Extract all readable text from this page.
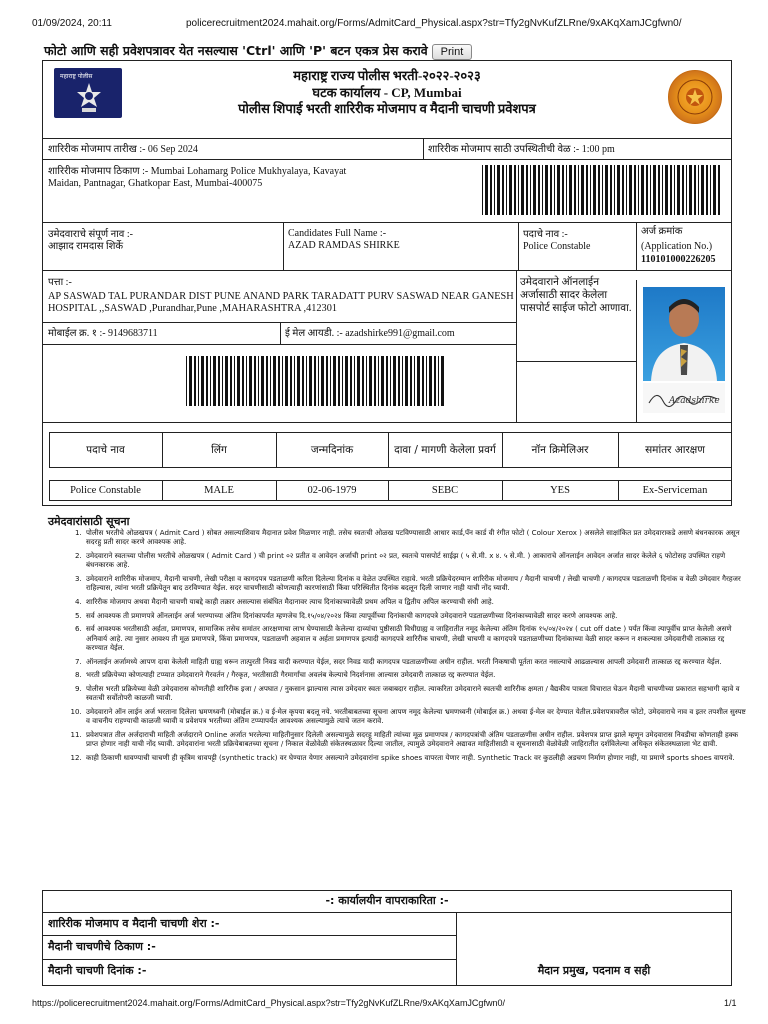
01/09/2024, 20:11	policerecruitment2024.mahait.org/Forms/AdmitCard_Physical.aspx?str=Tfy2gNvKufZLRne/9xAKqXamJCgfwn0/
फोटो आणि सही प्रवेशपत्रावर येत नसल्यास 'Ctrl' आणि 'P' बटन एकत्र प्रेस करावे Print
महाराष्ट्र पोलीस	महाराष्ट्र राज्य पोलीस भरती-२०२२-२०२३
घटक कार्यालय - CP, Mumbai
पोलीस शिपाई भरती शारिरीक मोजमाप व मैदानी चाचणी प्रवेशपत्र
शारिरीक मोजमाप तारीख :- 06 Sep 2024	शारिरीक मोजमाप साठी उपस्थितीची वेळ :- 1:00 pm
शारिरीक मोजमाप ठिकाण :- Mumbai Lohamarg Police Mukhyalaya, Kavayat Maidan, Pantnagar, Ghatkopar East, Mumbai-400075
उमेदवाराचे संपूर्ण नाव :-
आझाद रामदास शिर्के
Candidates Full Name :-
AZAD RAMDAS SHIRKE
पदाचे नाव :-
Police Constable
अर्ज क्रमांक
(Application No.)
110101000226205
पत्ता :-
AP SASWAD TAL PURANDAR DIST PUNE ANAND PARK TARADATT PURV SASWAD NEAR GANESH HOSPITAL ,,SASWAD ,Purandhar,Pune ,MAHARASHTRA ,412301
मोबाईल क्र. १ :- 9149683711	ई मेल आयडी. :- azadshirke991@gmail.com
उमेदवाराने ऑनलाईन अर्जासाठी सादर केलेला पासपोर्ट साईज फोटो आणावा.
Azadshirke
पदाचे नाव	लिंग	जन्मदिनांक	दावा / मागणी केलेला प्रवर्ग	नॉन क्रिमेलिअर	समांतर आरक्षण
Police Constable	MALE	02-06-1979	SEBC	YES	Ex-Serviceman
उमेदवारांसाठी सूचना
1. पोलीस भरतीचे ओळखपत्र ( Admit Card ) सोबत असल्याशिवाय मैदानात प्रवेश मिळणार नाही. तसेच स्वतःची ओळख पटविण्यासाठी आधार कार्ड,पॅन कार्ड वी रंगीत फोटो ( Colour Xerox ) असलेले साक्षांकित प्रत उमेदवाराकडे असणे बंधनकारक असून सदरहु प्रती सादर करणे आवश्यक आहे.
2. उमेदवाराने स्वतःच्या पोलीस भरतीचे ओळखपत्र ( Admit Card ) ची print ०२ प्रतीत व आवेदन अर्जाची print ०२ प्रत, स्वतःचे पासपोर्ट साईझ ( ५ से.मी. x ४. ५ से.मी. ) आकाराचे ऑनलाईन आवेदन अर्जात सादर केलेले ६ फोटोसह उपस्थित राहणे बंधनकारक आहे.
3. उमेदवाराने शारिरीक मोजमाप, मैदानी चाचणी, लेखी परीक्षा व कागदपत्र पडताळणी करिता दिलेल्या दिनांक व वेळेत उपस्थित राहावे. भरती प्रक्रियेदरम्यान शारिरीक मोजमाप / मैदानी चाचणी / लेखी चाचणी / कागदपत्र पडताळणी दिनांक व वेळी उमेदवार गैरहजर राहिल्यास, त्यांना भरती प्रक्रियेतून बाद ठरविण्यात येईल. सदर चाचणीसाठी कोणत्याही कारणांसाठी किंवा परिस्थितीत दिनांक बदलून दिली जाणार नाही याची नोंद घ्यावी.
4. शारिरीक मोजमाप अथवा मैदानी चाचणी याबद्दे काही तक्रार असल्यास संबंधित मैदानावर त्याच दिनांकाच्यावेळी प्रथम अपिल व द्वितीय अपिल करण्याची संधी आहे.
5. सर्व आवश्यक ती प्रमाणपत्रे ऑनलाईन अर्ज भरण्याच्या अंतिम दिनांकापर्यंत म्हणजेच दि.१५/०४/२०२४ किंवा त्यापूर्वीच्या दिनांकाची कागदपत्रे उमेदवाराने पडताळणीच्या दिनांकाच्यावेळी सादर करणे आवश्यक आहे.
6. सर्व आवश्यक भरतीसाठी अर्हता, प्रमाणपत्र, सामाजिक तसेच समांतर आरक्षणाचा लाभ घेण्यासाठी केलेल्या दाव्यांचा पुष्ठीसाठी विधीग्राह्य व जाहिरातीत नमूद केलेल्या अंतिम दिनांक १५/०४/२०२४ ( cut off date ) पर्यंत किंवा त्यापूर्वीच प्राप्त केलेली असणे अनिवार्य आहे. त्या नुसार आवश्य ती मूळ प्रमाणपत्रे, किंवा प्रमाणपत्र, पडताळणी अहवाल व अर्हता प्रमाणपत्र इत्यादी कागदपत्रे शारिरीक चाचणी, लेखी चाचणी व कागदपत्रे पडताळणीच्या दिनांकाच्या वेळी सादर करून न शकल्यास उमेदवारीची तात्काळ रद्द करण्यात येईल.
7. ऑनलाईन अर्जामध्ये आपण दावा केलेली माहिती ग्राह्य धरून तात्पुरती निवड यादी करण्यात येईल, सदर निवड यादी कागदपत्र पडताळणीच्या अधीन राहील. भरती निकषाची पूर्तता करत नसल्याचे आढळल्यास आपली उमेदवारी तात्काळ रद्द करण्यात येईल.
8. भरती प्रक्रियेच्या कोणत्याही टप्प्यात उमेदवाराने गैरवर्तन / गैरकृत, भरतीसाठी गैरमार्गांचा अवलंब केल्याचे निदर्शनास आल्यास उमेदवारी तात्काळ रद्द करण्यात येईल.
9. पोलीस भरती प्रक्रियेच्या वेळी उमेदवारास कोणतीही शारिरीक इजा / अपघात / नुकसान झाल्यास त्यास उमेदवार स्वतः जबाबदार राहील. त्याकरिता उमेदवाराने स्वतःची शारिरीक क्षमता / वैद्यकीय पात्रता विचारात घेऊन मैदानी चाचणीच्या प्रकारात सहभागी व्हावे व स्वतःची सर्वोतोपरी काळजी घ्यावी.
10. उमेदवाराने ऑन लाईन अर्ज भरताना दिलेला भ्रमणध्वनी (मोबाईल क्र.) व ई-मेल कृपया बदलू नये. भरतीबाबतच्या सूचना आपण नमूद केलेल्या भ्रमणध्वनी (मोबाईल क्र.) अथवा ई-मेल वर देण्यात येतील.प्रवेशपत्रावरील फोटो, उमेदवाराचे नाव व इतर तपशील सुस्पष्ट व वाचनीय राहण्याची काळजी घ्यावी व प्रवेशपत्र भरतीच्या अंतिम टप्प्यापर्यंत आवश्यक असल्यामुळे त्याचे जतन करावे.
11. प्रवेशपत्रात तील अर्जदाराची माहिती अर्जदाराने Online अर्जात भरलेल्या माहितीनुसार दिलेली असल्यामुळे सदरहू माहिती त्यांच्या मूळ प्रमाणपत्र / कागदपत्रांची अंतिम पडताळणीस अधीन राहील. प्रवेशपत्र प्राप्त झाले म्हणून उमेदवारास निवडीचा कोणताही हक्क प्राप्त होणार नाही याची नोंद घ्यावी. उमेदवारांना भरती प्रक्रियेबाबतच्या सूचना / निकाल वेळोवेळी संकेतस्थळावर दिल्या जातील, त्यामुळे उमेदवाराने अद्यावत माहितीसाठी व सूचनासाठी वेळोवेळी जाहिरातीत दर्शविलेल्या अधिकृत संकेतस्थळाला भेट द्यावी.
12. काही ठिकाणी धावण्याची चाचणी ही कृत्रिम धावपट्टी (synthetic track) वर घेण्यात येणार असल्याने उमेदवारांना spike shoes वापरता येणार नाही. Synthetic Track वर कुठलीही अडचण निर्माण होणार नाही, या प्रमाणे sports shoes वापरावे.
-: कार्यालयीन वापराकारिता :-
शारिरीक मोजमाप व मैदानी चाचणी शेरा :-
मैदानी चाचणीचे ठिकाण :-
मैदानी चाचणी दिनांक :-	मैदान प्रमुख, पदनाम व सही
https://policerecruitment2024.mahait.org/Forms/AdmitCard_Physical.aspx?str=Tfy2gNvKufZLRne/9xAKqXamJCgfwn0/	1/1
